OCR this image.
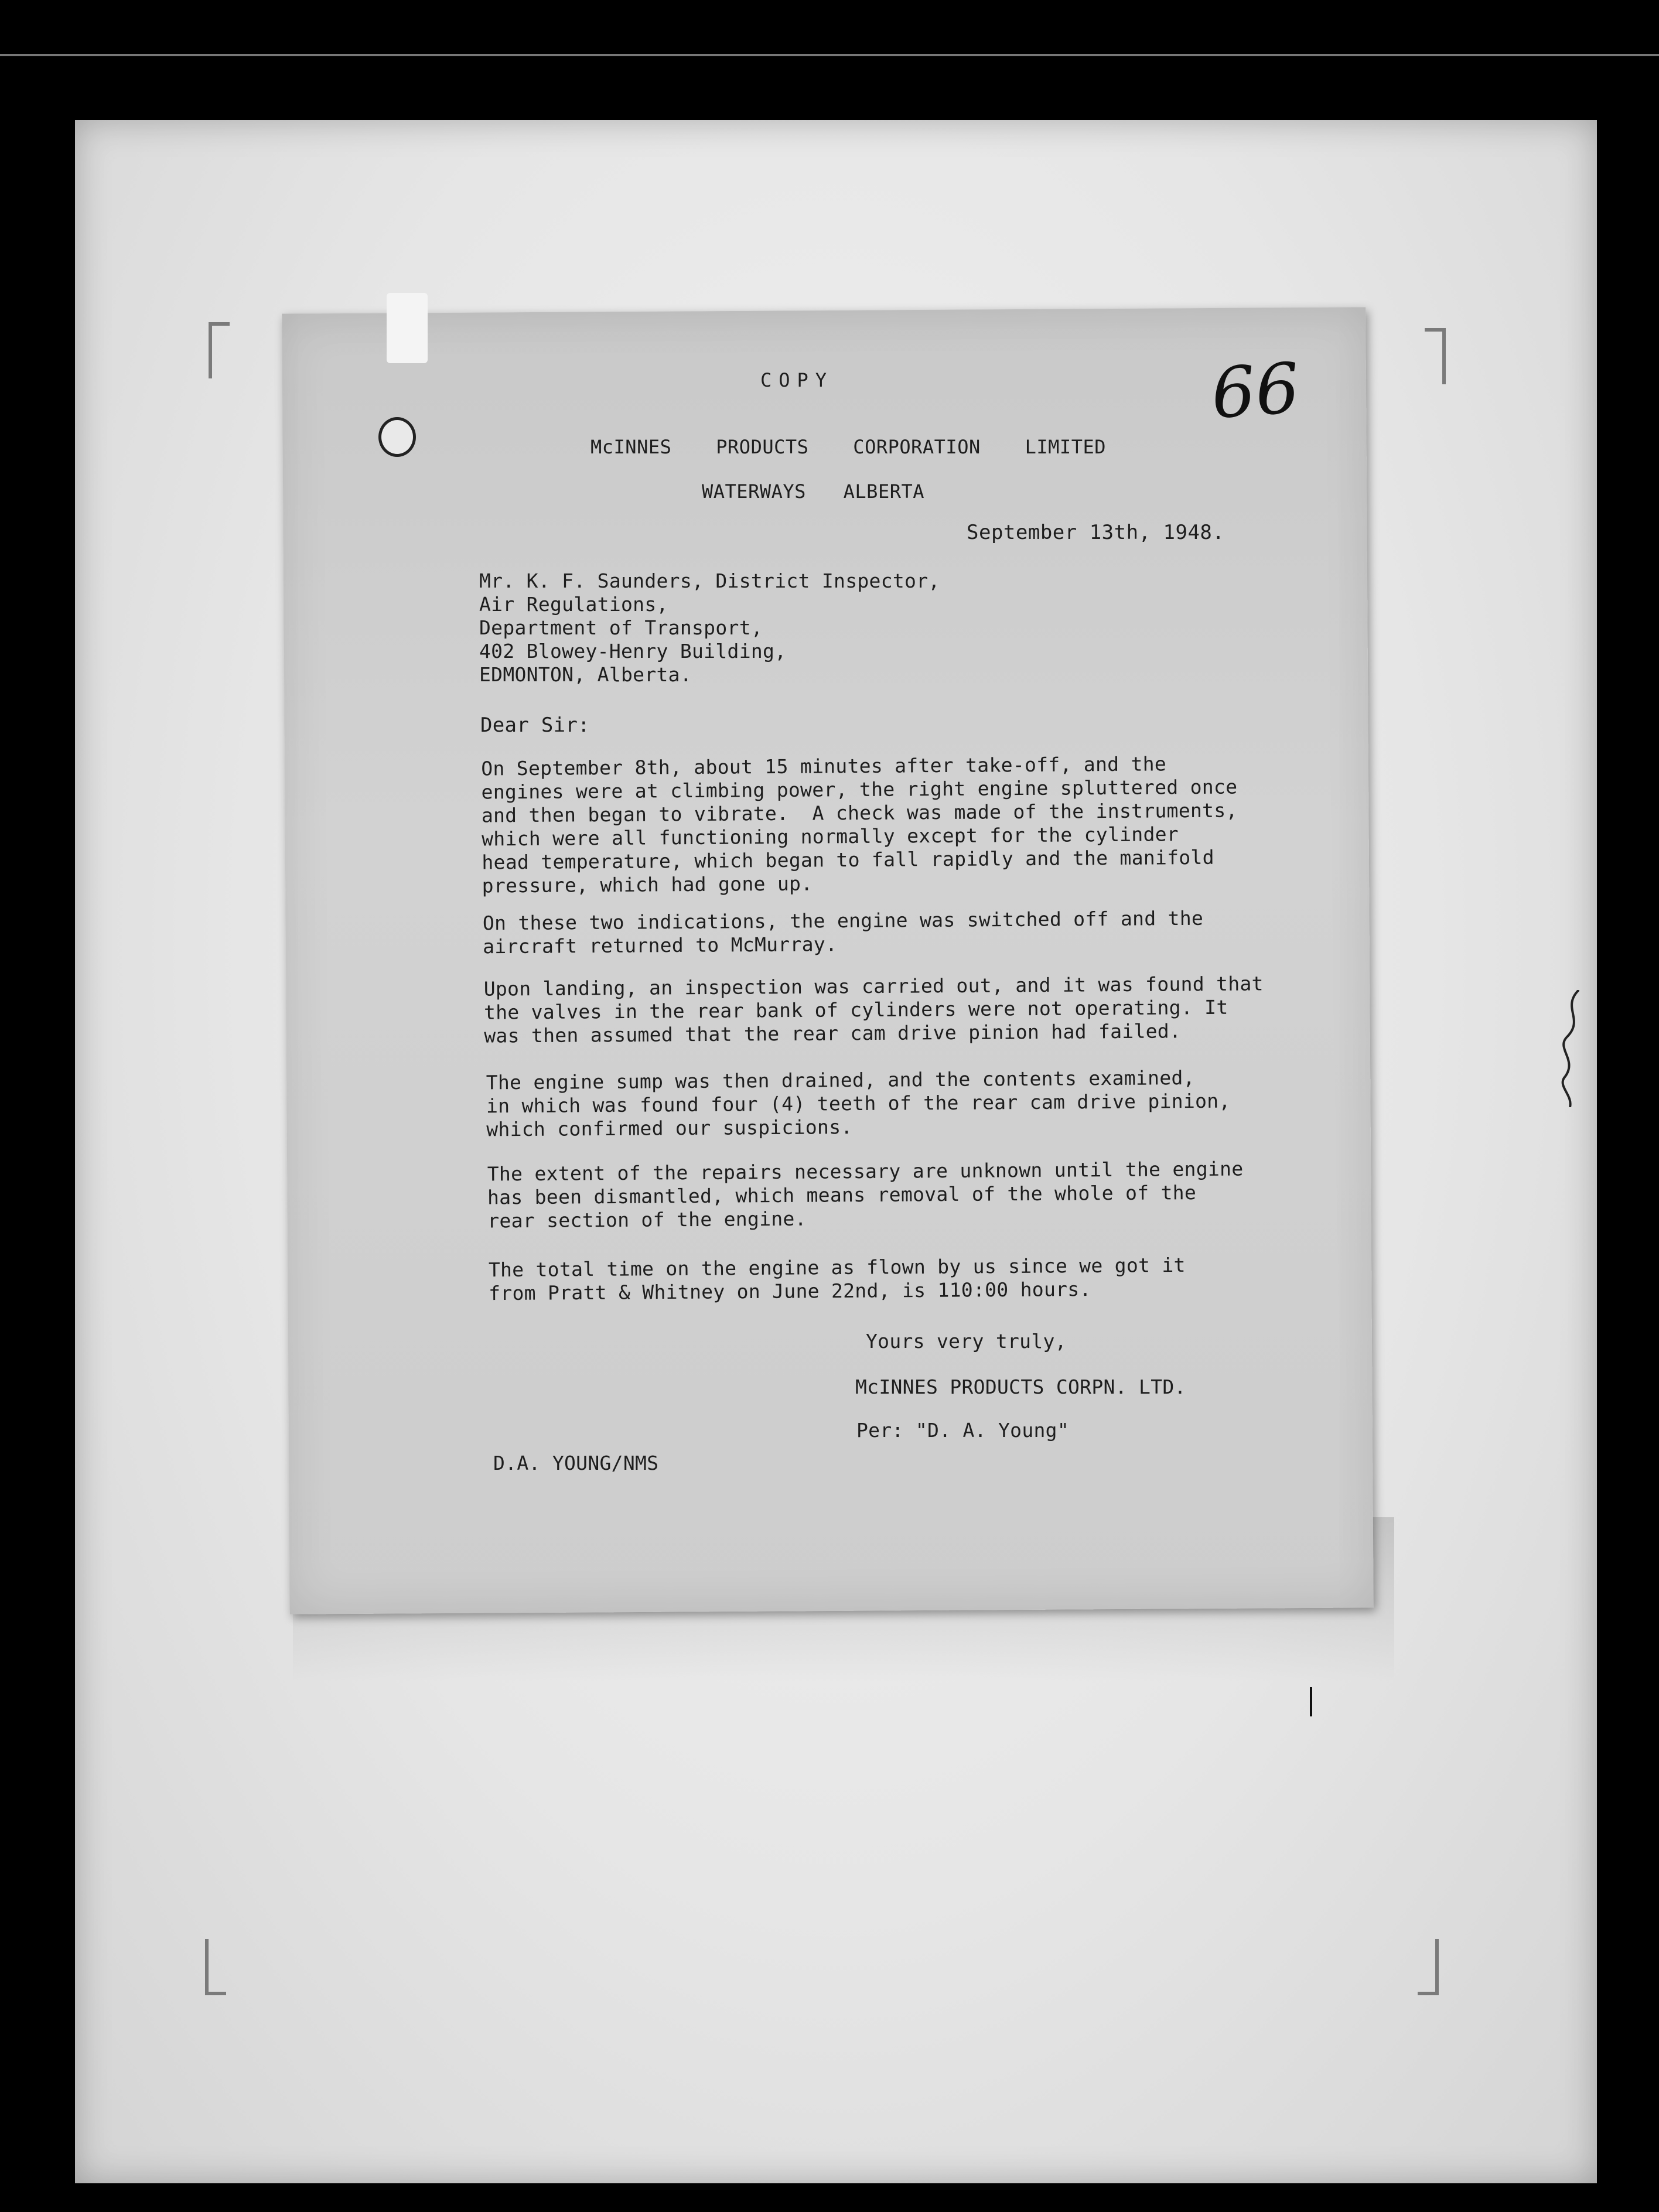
66
COPY
McINNES PRODUCTS CORPORATION LIMITED
WATERWAYS ALBERTA
September 13th, 1948.
Mr. K. F. Saunders, District Inspector,
Air Regulations,
Department of Transport,
402 Blowey-Henry Building,
EDMONTON, Alberta.
Dear Sir:
On September 8th, about 15 minutes after take-off, and the
engines were at climbing power, the right engine spluttered once
and then began to vibrate.  A check was made of the instruments,
which were all functioning normally except for the cylinder
head temperature, which began to fall rapidly and the manifold
pressure, which had gone up.
On these two indications, the engine was switched off and the
aircraft returned to McMurray.
Upon landing, an inspection was carried out, and it was found that
the valves in the rear bank of cylinders were not operating. It
was then assumed that the rear cam drive pinion had failed.
The engine sump was then drained, and the contents examined,
in which was found four (4) teeth of the rear cam drive pinion,
which confirmed our suspicions.
The extent of the repairs necessary are unknown until the engine
has been dismantled, which means removal of the whole of the
rear section of the engine.
The total time on the engine as flown by us since we got it
from Pratt & Whitney on June 22nd, is 110:00 hours.
Yours very truly,
McINNES PRODUCTS CORPN. LTD.
Per: "D. A. Young"
D.A. YOUNG/NMS
